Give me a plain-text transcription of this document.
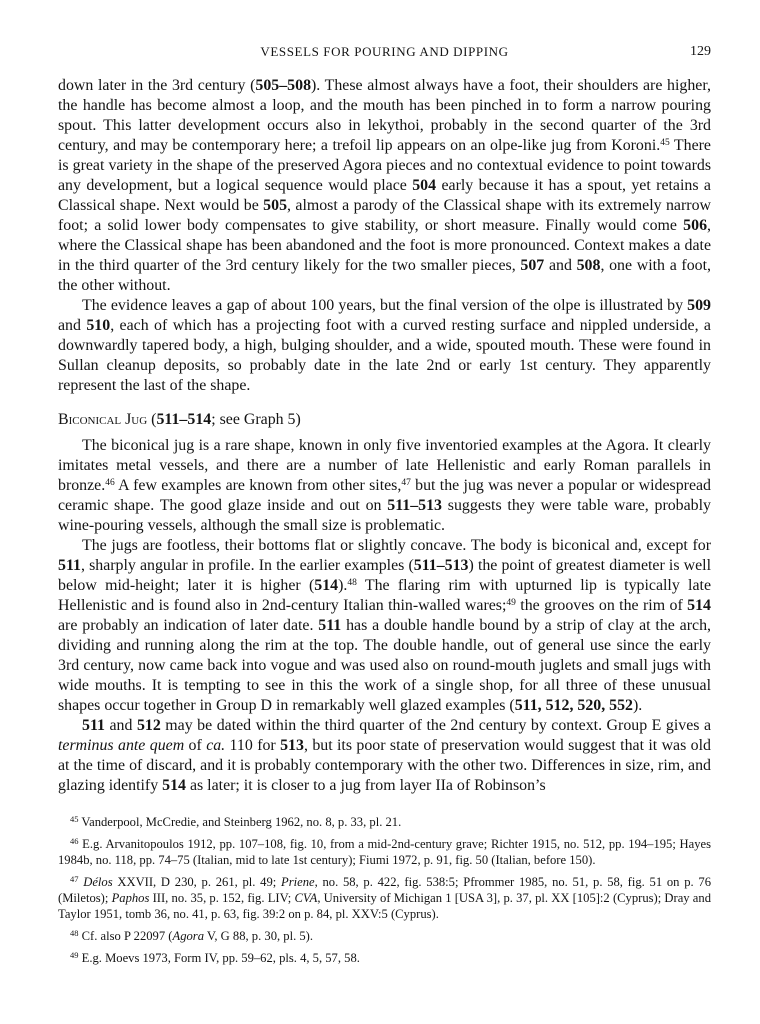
VESSELS FOR POURING AND DIPPING	129

down later in the 3rd century (505–508). These almost always have a foot, their shoulders are higher, the handle has become almost a loop, and the mouth has been pinched in to form a narrow pouring spout. This latter development occurs also in lekythoi, probably in the second quarter of the 3rd century, and may be contemporary here; a trefoil lip appears on an olpe-like jug from Koroni.$^{45}$ There is great variety in the shape of the preserved Agora pieces and no contextual evidence to point towards any development, but a logical sequence would place 504 early because it has a spout, yet retains a Classical shape. Next would be 505, almost a parody of the Classical shape with its extremely narrow foot; a solid lower body compensates to give stability, or short measure. Finally would come 506, where the Classical shape has been abandoned and the foot is more pronounced. Context makes a date in the third quarter of the 3rd century likely for the two smaller pieces, 507 and 508, one with a foot, the other without.

The evidence leaves a gap of about 100 years, but the final version of the olpe is illustrated by 509 and 510, each of which has a projecting foot with a curved resting surface and nippled underside, a downwardly tapered body, a high, bulging shoulder, and a wide, spouted mouth. These were found in Sullan cleanup deposits, so probably date in the late 2nd or early 1st century. They apparently represent the last of the shape.

Biconical Jug (511–514; see Graph 5)

The biconical jug is a rare shape, known in only five inventoried examples at the Agora. It clearly imitates metal vessels, and there are a number of late Hellenistic and early Roman parallels in bronze.$^{46}$ A few examples are known from other sites,$^{47}$ but the jug was never a popular or widespread ceramic shape. The good glaze inside and out on 511–513 suggests they were table ware, probably wine-pouring vessels, although the small size is problematic.

The jugs are footless, their bottoms flat or slightly concave. The body is biconical and, except for 511, sharply angular in profile. In the earlier examples (511–513) the point of greatest diameter is well below mid-height; later it is higher (514).$^{48}$ The flaring rim with upturned lip is typically late Hellenistic and is found also in 2nd-century Italian thin-walled wares;$^{49}$ the grooves on the rim of 514 are probably an indication of later date. 511 has a double handle bound by a strip of clay at the arch, dividing and running along the rim at the top. The double handle, out of general use since the early 3rd century, now came back into vogue and was used also on round-mouth juglets and small jugs with wide mouths. It is tempting to see in this the work of a single shop, for all three of these unusual shapes occur together in Group D in remarkably well glazed examples (511, 512, 520, 552).

511 and 512 may be dated within the third quarter of the 2nd century by context. Group E gives a terminus ante quem of ca. 110 for 513, but its poor state of preservation would suggest that it was old at the time of discard, and it is probably contemporary with the other two. Differences in size, rim, and glazing identify 514 as later; it is closer to a jug from layer IIa of Robinson’s

$^{45}$ Vanderpool, McCredie, and Steinberg 1962, no. 8, p. 33, pl. 21.

$^{46}$ E.g. Arvanitopoulos 1912, pp. 107–108, fig. 10, from a mid-2nd-century grave; Richter 1915, no. 512, pp. 194–195; Hayes 1984b, no. 118, pp. 74–75 (Italian, mid to late 1st century); Fiumi 1972, p. 91, fig. 50 (Italian, before 150).

$^{47}$ Délos XXVII, D 230, p. 261, pl. 49; Priene, no. 58, p. 422, fig. 538:5; Pfrommer 1985, no. 51, p. 58, fig. 51 on p. 76 (Miletos); Paphos III, no. 35, p. 152, fig. LIV; CVA, University of Michigan 1 [USA 3], p. 37, pl. XX [105]:2 (Cyprus); Dray and Taylor 1951, tomb 36, no. 41, p. 63, fig. 39:2 on p. 84, pl. XXV:5 (Cyprus).

$^{48}$ Cf. also P 22097 (Agora V, G 88, p. 30, pl. 5).

$^{49}$ E.g. Moevs 1973, Form IV, pp. 59–62, pls. 4, 5, 57, 58.
